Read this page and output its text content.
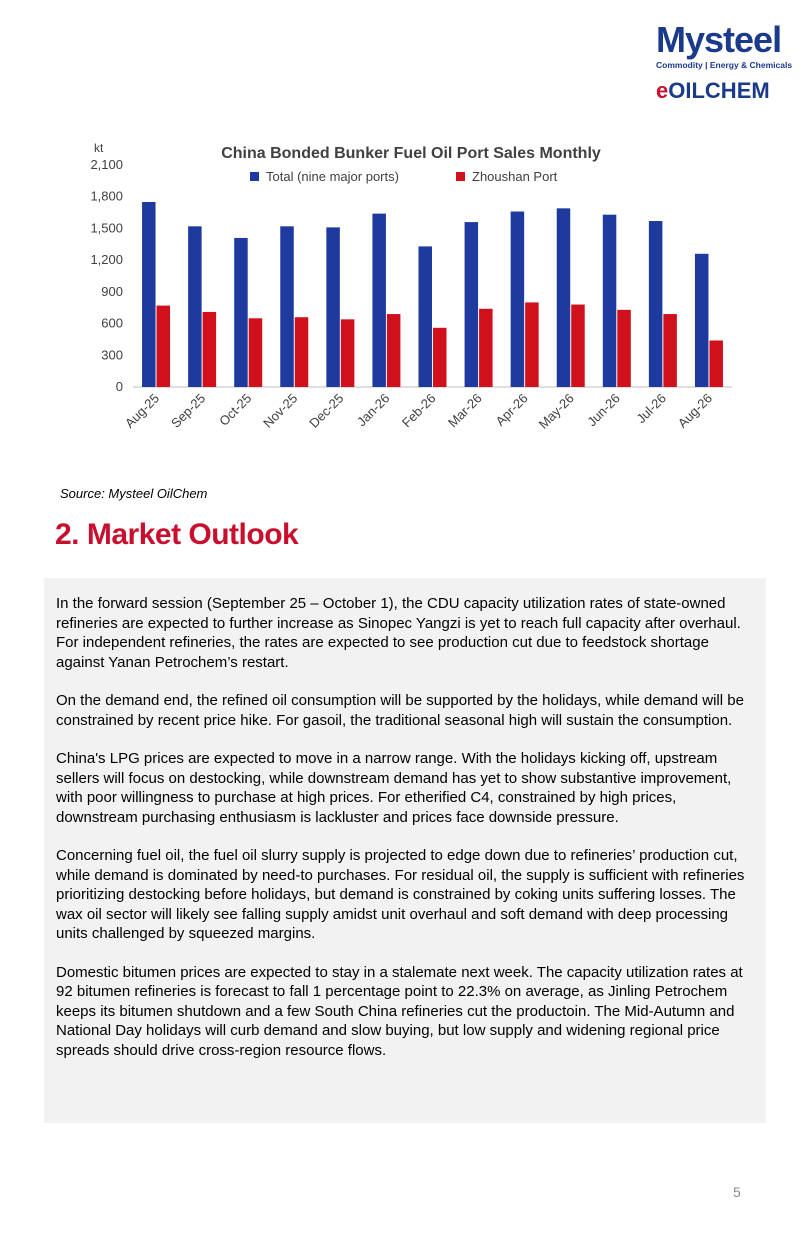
Mysteel
Commodity | Energy & Chemicals
eOILCHEM
China Bonded Bunker Fuel Oil Port Sales Monthly
kt
Total (nine major ports)	Zhoushan Port
0
300
600
900
1,200
1,500
1,800
2,100
Aug-25 Sep-25 Oct-25 Nov-25 Dec-25 Jan-26 Feb-26 Mar-26 Apr-26 May-26 Jun-26 Jul-26 Aug-26
Source: Mysteel OilChem
2. Market Outlook

In the forward session (September 25 – October 1), the CDU capacity utilization rates of state-owned refineries are expected to further increase as Sinopec Yangzi is yet to reach full capacity after overhaul. For independent refineries, the rates are expected to see production cut due to feedstock shortage against Yanan Petrochem’s restart.

On the demand end, the refined oil consumption will be supported by the holidays, while demand will be constrained by recent price hike. For gasoil, the traditional seasonal high will sustain the consumption.

China's LPG prices are expected to move in a narrow range. With the holidays kicking off, upstream sellers will focus on destocking, while downstream demand has yet to show substantive improvement, with poor willingness to purchase at high prices. For etherified C4, constrained by high prices, downstream purchasing enthusiasm is lackluster and prices face downside pressure.

Concerning fuel oil, the fuel oil slurry supply is projected to edge down due to refineries’ production cut, while demand is dominated by need-to purchases. For residual oil, the supply is sufficient with refineries prioritizing destocking before holidays, but demand is constrained by coking units suffering losses. The wax oil sector will likely see falling supply amidst unit overhaul and soft demand with deep processing units challenged by squeezed margins.

Domestic bitumen prices are expected to stay in a stalemate next week. The capacity utilization rates at 92 bitumen refineries is forecast to fall 1 percentage point to 22.3% on average, as Jinling Petrochem keeps its bitumen shutdown and a few South China refineries cut the productoin. The Mid-Autumn and National Day holidays will curb demand and slow buying, but low supply and widening regional price spreads should drive cross-region resource flows.

5
